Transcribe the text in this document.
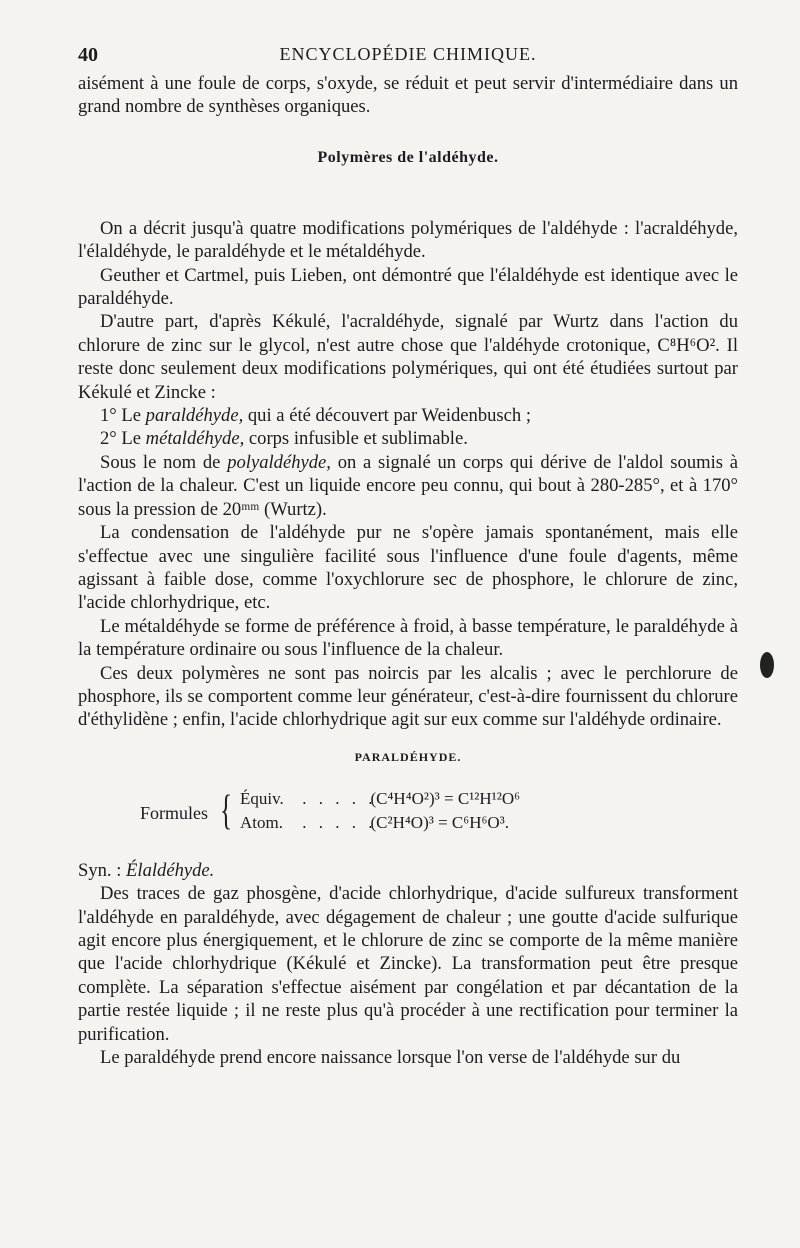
40	ENCYCLOPÉDIE CHIMIQUE.

aisément à une foule de corps, s'oxyde, se réduit et peut servir d'intermédiaire dans un grand nombre de synthèses organiques.

Polymères de l'aldéhyde.

On a décrit jusqu'à quatre modifications polymériques de l'aldéhyde : l'acraldéhyde, l'élaldéhyde, le paraldéhyde et le métaldéhyde.

Geuther et Cartmel, puis Lieben, ont démontré que l'élaldéhyde est identique avec le paraldéhyde.

D'autre part, d'après Kékulé, l'acraldéhyde, signalé par Wurtz dans l'action du chlorure de zinc sur le glycol, n'est autre chose que l'aldéhyde crotonique, C⁸H⁶O². Il reste donc seulement deux modifications polymériques, qui ont été étudiées surtout par Kékulé et Zincke :

1° Le paraldéhyde, qui a été découvert par Weidenbusch ;

2° Le métaldéhyde, corps infusible et sublimable.

Sous le nom de polyaldéhyde, on a signalé un corps qui dérive de l'aldol soumis à l'action de la chaleur. C'est un liquide encore peu connu, qui bout à 280-285°, et à 170° sous la pression de 20ᵐᵐ (Wurtz).

La condensation de l'aldéhyde pur ne s'opère jamais spontanément, mais elle s'effectue avec une singulière facilité sous l'influence d'une foule d'agents, même agissant à faible dose, comme l'oxychlorure sec de phosphore, le chlorure de zinc, l'acide chlorhydrique, etc.

Le métaldéhyde se forme de préférence à froid, à basse température, le paraldéhyde à la température ordinaire ou sous l'influence de la chaleur.

Ces deux polymères ne sont pas noircis par les alcalis ; avec le perchlorure de phosphore, ils se comportent comme leur générateur, c'est-à-dire fournissent du chlorure d'éthylidène ; enfin, l'acide chlorhydrique agit sur eux comme sur l'aldéhyde ordinaire.

PARALDÉHYDE.
Formules { Équiv. . . . . . (C⁴H⁴O²)³ = C¹²H¹²O⁶
Atom. . . . . . (C²H⁴O)³ = C⁶H⁶O³.

Syn. : Élaldéhyde.

Des traces de gaz phosgène, d'acide chlorhydrique, d'acide sulfureux transforment l'aldéhyde en paraldéhyde, avec dégagement de chaleur ; une goutte d'acide sulfurique agit encore plus énergiquement, et le chlorure de zinc se comporte de la même manière que l'acide chlorhydrique (Kékulé et Zincke). La transformation peut être presque complète. La séparation s'effectue aisément par congélation et par décantation de la partie restée liquide ; il ne reste plus qu'à procéder à une rectification pour terminer la purification.

Le paraldéhyde prend encore naissance lorsque l'on verse de l'aldéhyde sur du
